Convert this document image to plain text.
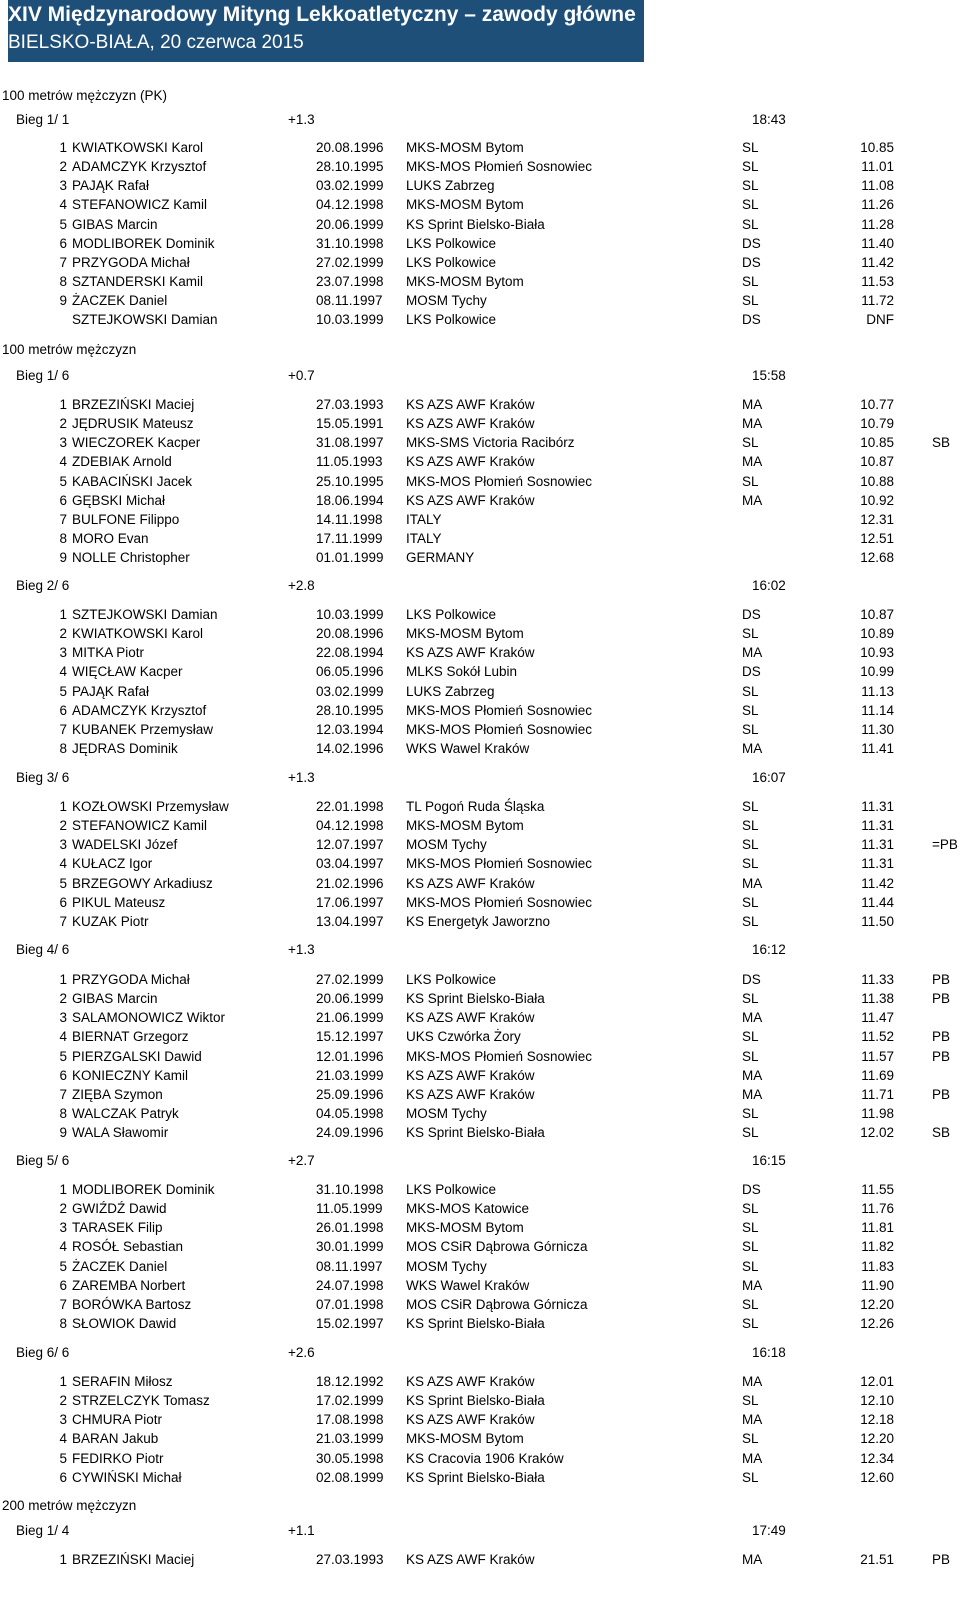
XIV Międzynarodowy Mityng Lekkoatletyczny – zawody główne
BIELSKO-BIAŁA, 20 czerwca 2015
100 metrów mężczyzn (PK)
Bieg 1/ 1	+1.3	18:43
1 KWIATKOWSKI Karol	20.08.1996 MKS-MOSM Bytom	SL	10.85
2 ADAMCZYK Krzysztof	28.10.1995 MKS-MOS Płomień Sosnowiec	SL	11.01
3 PAJĄK Rafał	03.02.1999 LUKS Zabrzeg	SL	11.08
4 STEFANOWICZ Kamil	04.12.1998 MKS-MOSM Bytom	SL	11.26
5 GIBAS Marcin	20.06.1999 KS Sprint Bielsko-Biała	SL	11.28
6 MODLIBOREK Dominik	31.10.1998 LKS Polkowice	DS	11.40
7 PRZYGODA Michał	27.02.1999 LKS Polkowice	DS	11.42
8 SZTANDERSKI Kamil	23.07.1998 MKS-MOSM Bytom	SL	11.53
9 ŻACZEK Daniel	08.11.1997 MOSM Tychy	SL	11.72
SZTEJKOWSKI Damian	10.03.1999 LKS Polkowice	DS	DNF
100 metrów mężczyzn
Bieg 1/ 6	+0.7	15:58
1 BRZEZIŃSKI Maciej	27.03.1993 KS AZS AWF Kraków	MA	10.77
2 JĘDRUSIK Mateusz	15.05.1991 KS AZS AWF Kraków	MA	10.79
3 WIECZOREK Kacper	31.08.1997 MKS-SMS Victoria Racibórz	SL	10.85	SB
4 ZDEBIAK Arnold	11.05.1993 KS AZS AWF Kraków	MA	10.87
5 KABACIŃSKI Jacek	25.10.1995 MKS-MOS Płomień Sosnowiec	SL	10.88
6 GĘBSKI Michał	18.06.1994 KS AZS AWF Kraków	MA	10.92
7 BULFONE Filippo	14.11.1998 ITALY	12.31
8 MORO Evan	17.11.1999 ITALY	12.51
9 NOLLE Christopher	01.01.1999 GERMANY	12.68
Bieg 2/ 6	+2.8	16:02
1 SZTEJKOWSKI Damian	10.03.1999 LKS Polkowice	DS	10.87
2 KWIATKOWSKI Karol	20.08.1996 MKS-MOSM Bytom	SL	10.89
3 MITKA Piotr	22.08.1994 KS AZS AWF Kraków	MA	10.93
4 WIĘCŁAW Kacper	06.05.1996 MLKS Sokół Lubin	DS	10.99
5 PAJĄK Rafał	03.02.1999 LUKS Zabrzeg	SL	11.13
6 ADAMCZYK Krzysztof	28.10.1995 MKS-MOS Płomień Sosnowiec	SL	11.14
7 KUBANEK Przemysław	12.03.1994 MKS-MOS Płomień Sosnowiec	SL	11.30
8 JĘDRAS Dominik	14.02.1996 WKS Wawel Kraków	MA	11.41
Bieg 3/ 6	+1.3	16:07
1 KOZŁOWSKI Przemysław	22.01.1998 TL Pogoń Ruda Śląska	SL	11.31
2 STEFANOWICZ Kamil	04.12.1998 MKS-MOSM Bytom	SL	11.31
3 WADELSKI Józef	12.07.1997 MOSM Tychy	SL	11.31	=PB
4 KUŁACZ Igor	03.04.1997 MKS-MOS Płomień Sosnowiec	SL	11.31
5 BRZEGOWY Arkadiusz	21.02.1996 KS AZS AWF Kraków	MA	11.42
6 PIKUL Mateusz	17.06.1997 MKS-MOS Płomień Sosnowiec	SL	11.44
7 KUZAK Piotr	13.04.1997 KS Energetyk Jaworzno	SL	11.50
Bieg 4/ 6	+1.3	16:12
1 PRZYGODA Michał	27.02.1999 LKS Polkowice	DS	11.33	PB
2 GIBAS Marcin	20.06.1999 KS Sprint Bielsko-Biała	SL	11.38	PB
3 SALAMONOWICZ Wiktor	21.06.1999 KS AZS AWF Kraków	MA	11.47
4 BIERNAT Grzegorz	15.12.1997 UKS Czwórka Żory	SL	11.52	PB
5 PIERZGALSKI Dawid	12.01.1996 MKS-MOS Płomień Sosnowiec	SL	11.57	PB
6 KONIECZNY Kamil	21.03.1999 KS AZS AWF Kraków	MA	11.69
7 ZIĘBA Szymon	25.09.1996 KS AZS AWF Kraków	MA	11.71	PB
8 WALCZAK Patryk	04.05.1998 MOSM Tychy	SL	11.98
9 WALA Sławomir	24.09.1996 KS Sprint Bielsko-Biała	SL	12.02	SB
Bieg 5/ 6	+2.7	16:15
1 MODLIBOREK Dominik	31.10.1998 LKS Polkowice	DS	11.55
2 GWIŹDŹ Dawid	11.05.1999 MKS-MOS Katowice	SL	11.76
3 TARASEK Filip	26.01.1998 MKS-MOSM Bytom	SL	11.81
4 ROSÓŁ Sebastian	30.01.1999 MOS CSiR Dąbrowa Górnicza	SL	11.82
5 ŻACZEK Daniel	08.11.1997 MOSM Tychy	SL	11.83
6 ZAREMBA Norbert	24.07.1998 WKS Wawel Kraków	MA	11.90
7 BORÓWKA Bartosz	07.01.1998 MOS CSiR Dąbrowa Górnicza	SL	12.20
8 SŁOWIOK Dawid	15.02.1997 KS Sprint Bielsko-Biała	SL	12.26
Bieg 6/ 6	+2.6	16:18
1 SERAFIN Miłosz	18.12.1992 KS AZS AWF Kraków	MA	12.01
2 STRZELCZYK Tomasz	17.02.1999 KS Sprint Bielsko-Biała	SL	12.10
3 CHMURA Piotr	17.08.1998 KS AZS AWF Kraków	MA	12.18
4 BARAN Jakub	21.03.1999 MKS-MOSM Bytom	SL	12.20
5 FEDIRKO Piotr	30.05.1998 KS Cracovia 1906 Kraków	MA	12.34
6 CYWIŃSKI Michał	02.08.1999 KS Sprint Bielsko-Biała	SL	12.60
200 metrów mężczyzn
Bieg 1/ 4	+1.1	17:49
1 BRZEZIŃSKI Maciej	27.03.1993 KS AZS AWF Kraków	MA	21.51	PB
